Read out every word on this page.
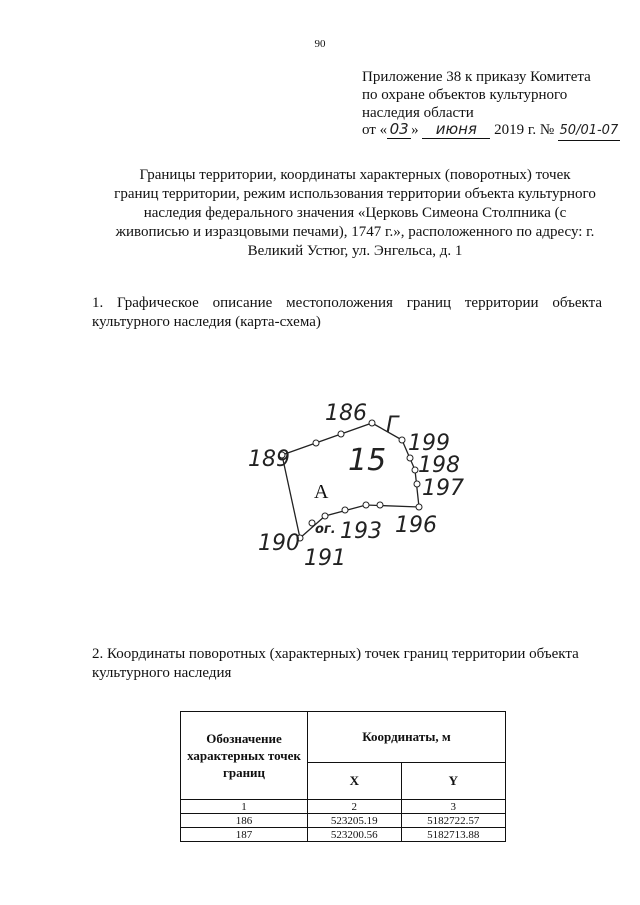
90
Приложение 38 к приказу Комитета
по охране объектов культурного
наследия области
от « 03 » июня 2019 г. № 50/01-07
Границы территории, координаты характерных (поворотных) точек
границ территории, режим использования территории объекта культурного
наследия федерального значения «Церковь Симеона Столпника (с
живописью и изразцовыми печами), 1747 г.», расположенного по адресу: г.
Великий Устюг, ул. Энгельса, д. 1
1. Графическое описание местоположения границ территории объекта
культурного наследия (карта-схема)
186
199
198
197
196
193
191
190
189 15
Г
ог.
А
2. Координаты поворотных (характерных) точек границ территории объекта
культурного наследия
Обозначение характерных точек границ	Координаты, м	
	X	Y
1	2	3
186	523205.19	5182722.57
187	523200.56	5182713.88
